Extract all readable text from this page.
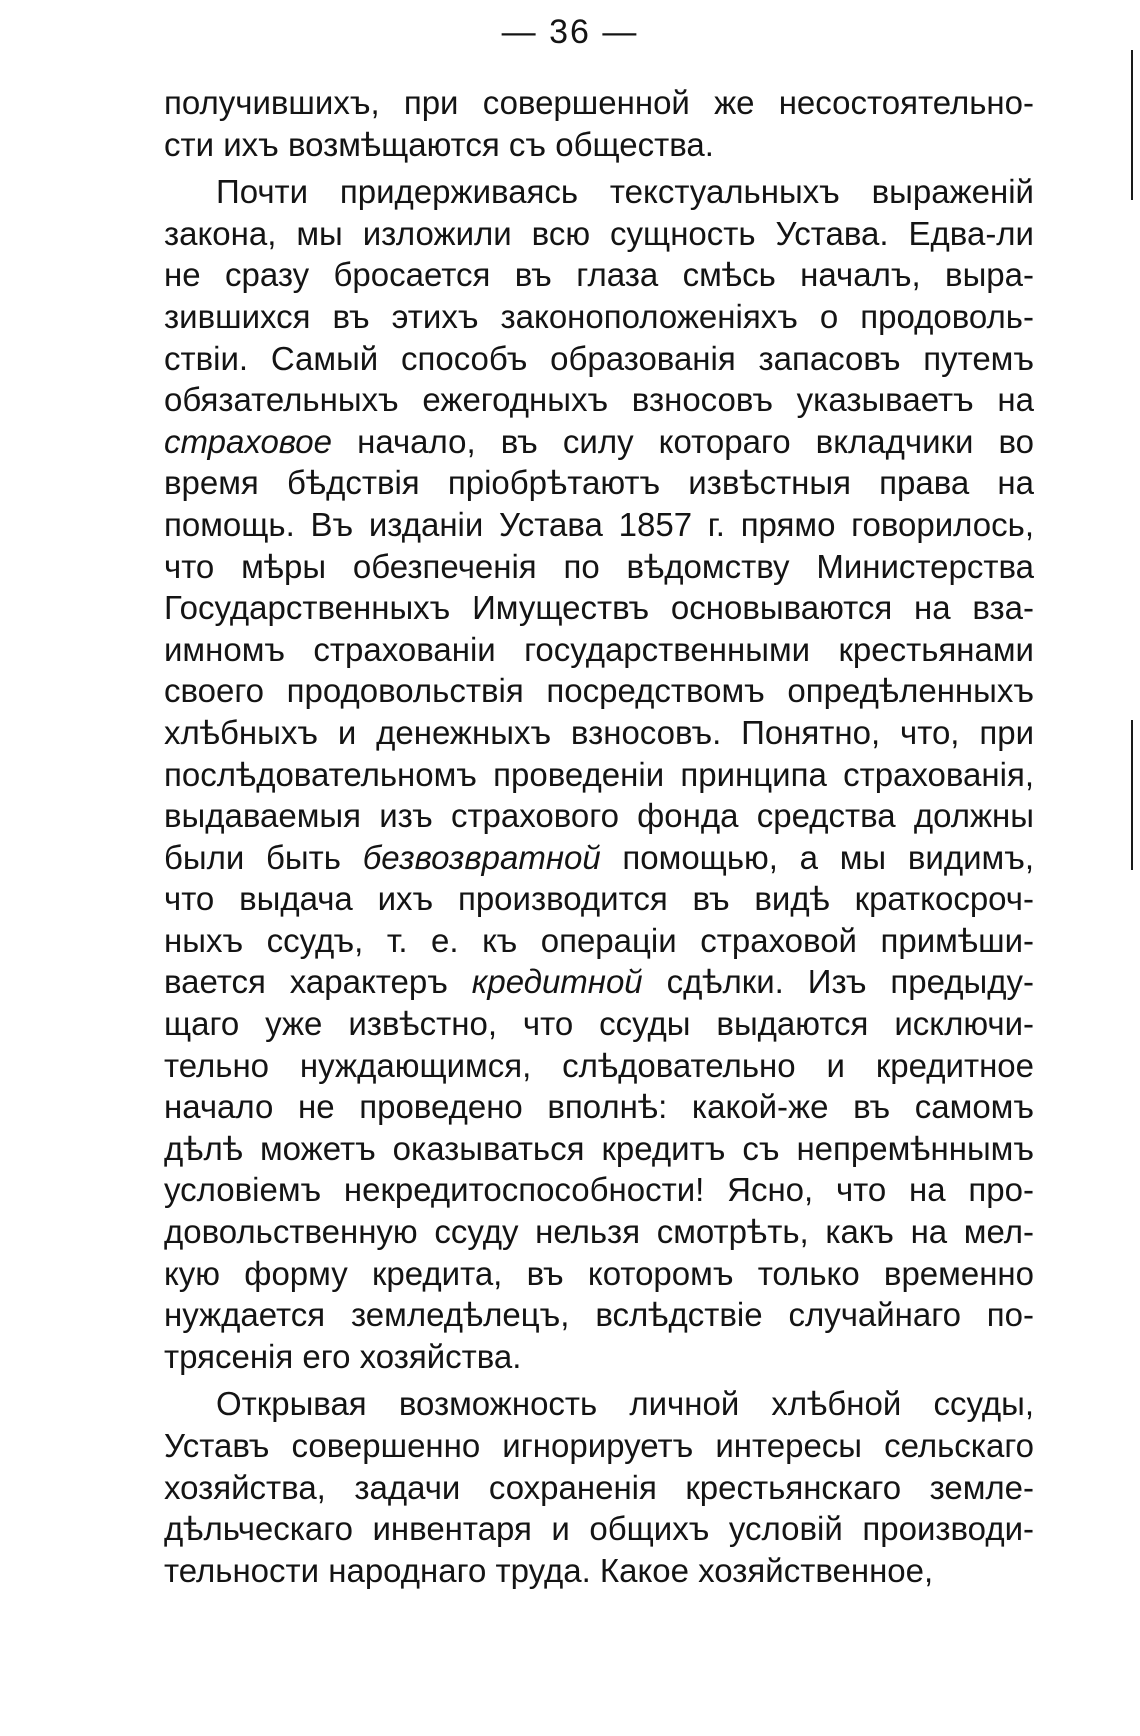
— 36 —
получившихъ, при совершенной же несостоятельно-
сти ихъ возмѣщаются съ общества.
Почти придерживаясь текстуальныхъ выраженій
закона, мы изложили всю сущность Устава. Едва-ли
не сразу бросается въ глаза смѣсь началъ, выра-
зившихся въ этихъ законоположеніяхъ о продоволь-
ствіи. Самый способъ образованія запасовъ путемъ
обязательныхъ ежегодныхъ взносовъ указываетъ на
страховое начало, въ силу котораго вкладчики во
время бѣдствія пріобрѣтаютъ извѣстныя права на
помощь. Въ изданіи Устава 1857 г. прямо говорилось,
что мѣры обезпеченія по вѣдомству Министерства
Государственныхъ Имуществъ основываются на вза-
имномъ страхованіи государственными крестьянами
своего продовольствія посредствомъ опредѣленныхъ
хлѣбныхъ и денежныхъ взносовъ. Понятно, что, при
послѣдовательномъ проведеніи принципа страхованія,
выдаваемыя изъ страхового фонда средства должны
были быть безвозвратной помощью, а мы видимъ,
что выдача ихъ производится въ видѣ краткосроч-
ныхъ ссудъ, т. е. къ операціи страховой примѣши-
вается характеръ кредитной сдѣлки. Изъ предыду-
щаго уже извѣстно, что ссуды выдаются исключи-
тельно нуждающимся, слѣдовательно и кредитное
начало не проведено вполнѣ: какой-же въ самомъ
дѣлѣ можетъ оказываться кредитъ съ непремѣннымъ
условіемъ некредитоспособности! Ясно, что на про-
довольственную ссуду нельзя смотрѣть, какъ на мел-
кую форму кредита, въ которомъ только временно
нуждается земледѣлецъ, вслѣдствіе случайнаго по-
трясенія его хозяйства.
Открывая возможность личной хлѣбной ссуды,
Уставъ совершенно игнорируетъ интересы сельскаго
хозяйства, задачи сохраненія крестьянскаго земле-
дѣльческаго инвентаря и общихъ условій производи-
тельности народнаго труда. Какое хозяйственное,
